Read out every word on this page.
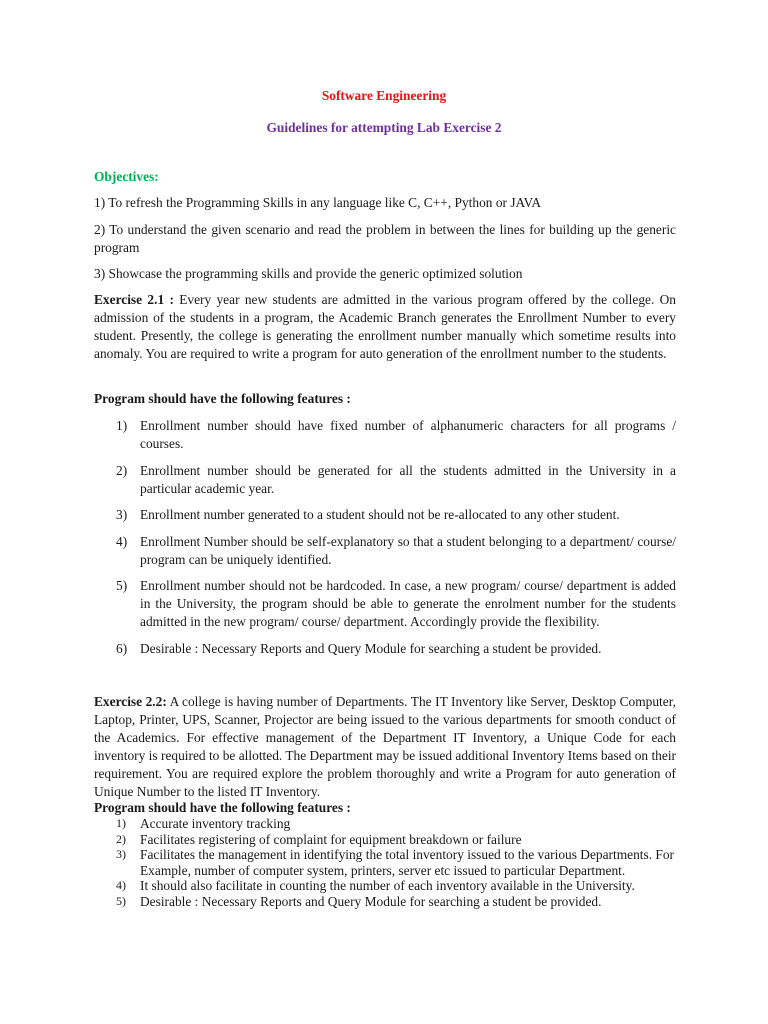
Software Engineering
Guidelines for attempting Lab Exercise 2
Objectives:

1) To refresh the Programming Skills in any language like C, C++, Python or JAVA

2) To understand the given scenario and read the problem in between the lines for building up the generic program

3) Showcase the programming skills and provide the generic optimized solution

Exercise 2.1 : Every year new students are admitted in the various program offered by the college. On admission of the students in a program, the Academic Branch generates the Enrollment Number to every student. Presently, the college is generating the enrollment number manually which sometime results into anomaly. You are required to write a program for auto generation of the enrollment number to the students.

Program should have the following features :

1) Enrollment number should have fixed number of alphanumeric characters for all programs / courses.
2) Enrollment number should be generated for all the students admitted in the University in a particular academic year.
3) Enrollment number generated to a student should not be re-allocated to any other student.
4) Enrollment Number should be self-explanatory so that a student belonging to a department/ course/ program can be uniquely identified.
5) Enrollment number should not be hardcoded. In case, a new program/ course/ department is added in the University, the program should be able to generate the enrolment number for the students admitted in the new program/ course/ department. Accordingly provide the flexibility.
6) Desirable : Necessary Reports and Query Module for searching a student be provided.

Exercise 2.2: A college is having number of Departments. The IT Inventory like Server, Desktop Computer, Laptop, Printer, UPS, Scanner, Projector are being issued to the various departments for smooth conduct of the Academics. For effective management of the Department IT Inventory, a Unique Code for each inventory is required to be allotted. The Department may be issued additional Inventory Items based on their requirement. You are required explore the problem thoroughly and write a Program for auto generation of Unique Number to the listed IT Inventory.

Program should have the following features :

1) Accurate inventory tracking
2) Facilitates registering of complaint for equipment breakdown or failure
3) Facilitates the management in identifying the total inventory issued to the various Departments. For Example, number of computer system, printers, server etc issued to particular Department.
4) It should also facilitate in counting the number of each inventory available in the University.
5) Desirable : Necessary Reports and Query Module for searching a student be provided.
